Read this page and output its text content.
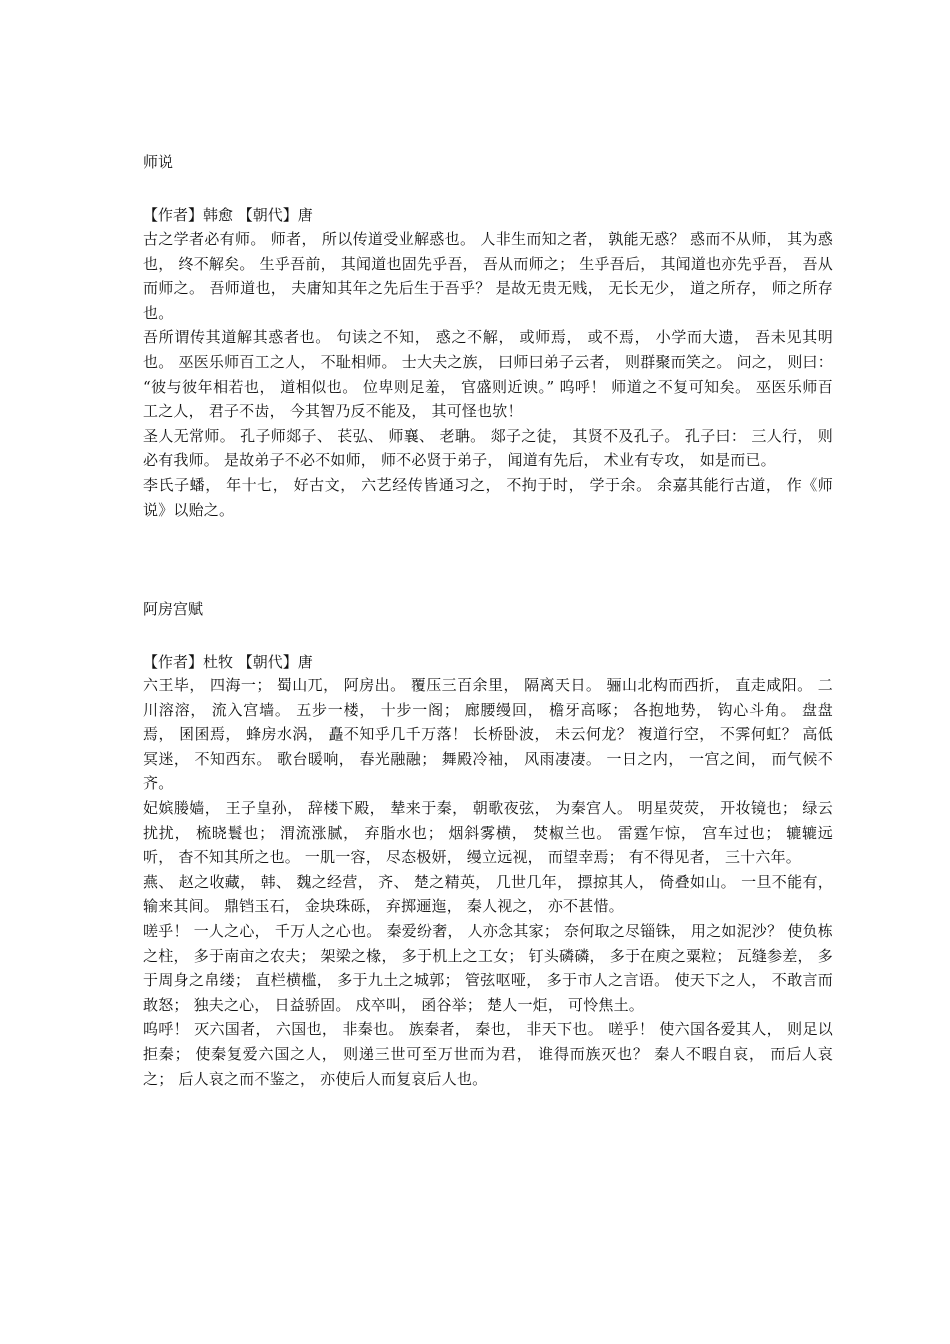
师说
【作者】韩愈 【朝代】唐

古之学者必有师。 师者， 所以传道受业解惑也。 人非生而知之者， 孰能无惑？ 惑而不从师， 其为惑也， 终不解矣。 生乎吾前， 其闻道也固先乎吾， 吾从而师之； 生乎吾后， 其闻道也亦先乎吾， 吾从而师之。 吾师道也， 夫庸知其年之先后生于吾乎？ 是故无贵无贱， 无长无少， 道之所存， 师之所存也。

吾所谓传其道解其惑者也。 句读之不知， 惑之不解， 或师焉， 或不焉， 小学而大遗， 吾未见其明也。 巫医乐师百工之人， 不耻相师。 士大夫之族， 曰师曰弟子云者， 则群聚而笑之。 问之， 则曰： “彼与彼年相若也， 道相似也。 位卑则足羞， 官盛则近谀。” 呜呼！ 师道之不复可知矣。 巫医乐师百工之人， 君子不齿， 今其智乃反不能及， 其可怪也欤！

圣人无常师。 孔子师郯子、 苌弘、 师襄、 老聃。 郯子之徒， 其贤不及孔子。 孔子曰： 三人行， 则必有我师。 是故弟子不必不如师， 师不必贤于弟子， 闻道有先后， 术业有专攻， 如是而已。

李氏子蟠， 年十七， 好古文， 六艺经传皆通习之， 不拘于时， 学于余。 余嘉其能行古道， 作《师说》以贻之。

阿房宫赋
【作者】杜牧 【朝代】唐

六王毕， 四海一； 蜀山兀， 阿房出。 覆压三百余里， 隔离天日。 骊山北构而西折， 直走咸阳。 二川溶溶， 流入宫墙。 五步一楼， 十步一阁； 廊腰缦回， 檐牙高啄； 各抱地势， 钩心斗角。 盘盘焉， 囷囷焉， 蜂房水涡， 矗不知乎几千万落！ 长桥卧波， 未云何龙？ 複道行空， 不霁何虹？ 高低冥迷， 不知西东。 歌台暖响， 春光融融； 舞殿冷袖， 风雨凄凄。 一日之内， 一宫之间， 而气候不齐。

妃嫔媵嫱， 王子皇孙， 辞楼下殿， 辇来于秦， 朝歌夜弦， 为秦宫人。 明星荧荧， 开妆镜也； 绿云扰扰， 梳晓鬟也； 渭流涨腻， 弃脂水也； 烟斜雾横， 焚椒兰也。 雷霆乍惊， 宫车过也； 辘辘远听， 杳不知其所之也。 一肌一容， 尽态极妍， 缦立远视， 而望幸焉； 有不得见者， 三十六年。

燕、 赵之收藏， 韩、 魏之经营， 齐、 楚之精英， 几世几年， 摽掠其人， 倚叠如山。 一旦不能有， 输来其间。 鼎铛玉石， 金块珠砾， 弃掷逦迤， 秦人视之， 亦不甚惜。

嗟乎！ 一人之心， 千万人之心也。 秦爱纷奢， 人亦念其家； 奈何取之尽锱铢， 用之如泥沙？ 使负栋之柱， 多于南亩之农夫； 架梁之椽， 多于机上之工女； 钉头磷磷， 多于在庾之粟粒； 瓦缝参差， 多于周身之帛缕； 直栏横槛， 多于九土之城郭； 管弦呕哑， 多于市人之言语。 使天下之人， 不敢言而敢怒； 独夫之心， 日益骄固。 戍卒叫， 函谷举； 楚人一炬， 可怜焦土。

呜呼！ 灭六国者， 六国也， 非秦也。 族秦者， 秦也， 非天下也。 嗟乎！ 使六国各爱其人， 则足以拒秦； 使秦复爱六国之人， 则递三世可至万世而为君， 谁得而族灭也？ 秦人不暇自哀， 而后人哀之； 后人哀之而不鉴之， 亦使后人而复哀后人也。
